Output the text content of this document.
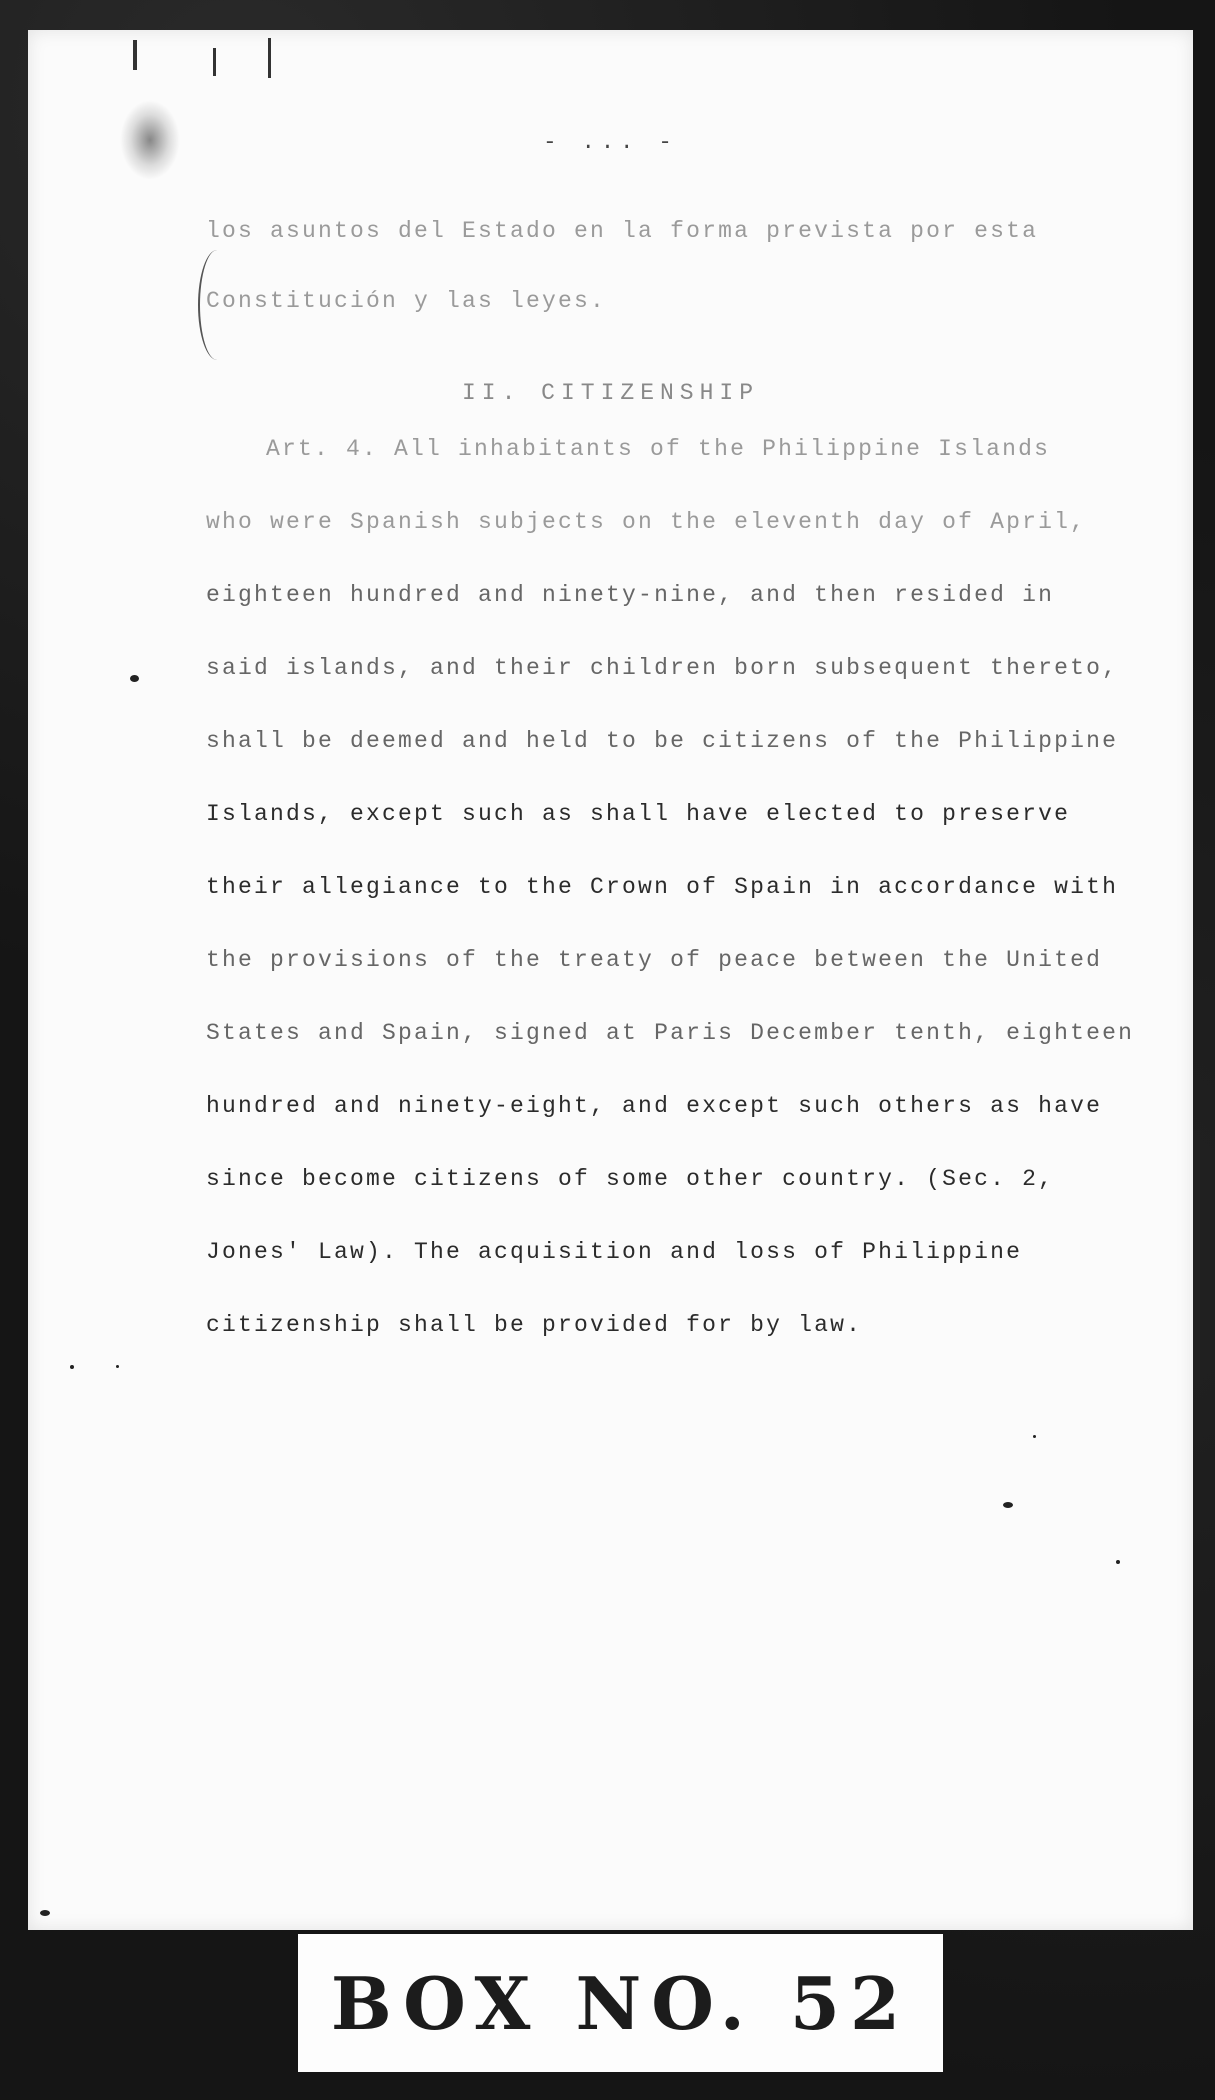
- ... -
los asuntos del Estado en la forma prevista por esta
Constitución y las leyes.
II. CITIZENSHIP
Art. 4. All inhabitants of the Philippine Islands
who were Spanish subjects on the eleventh day of April,
eighteen hundred and ninety-nine, and then resided in
said islands, and their children born subsequent thereto,
shall be deemed and held to be citizens of the Philippine
Islands, except such as shall have elected to preserve
their allegiance to the Crown of Spain in accordance with
the provisions of the treaty of peace between the United
States and Spain, signed at Paris December tenth, eighteen
hundred and ninety-eight, and except such others as have
since become citizens of some other country. (Sec. 2,
Jones' Law). The acquisition and loss of Philippine
citizenship shall be provided for by law.
BOX NO. 52
